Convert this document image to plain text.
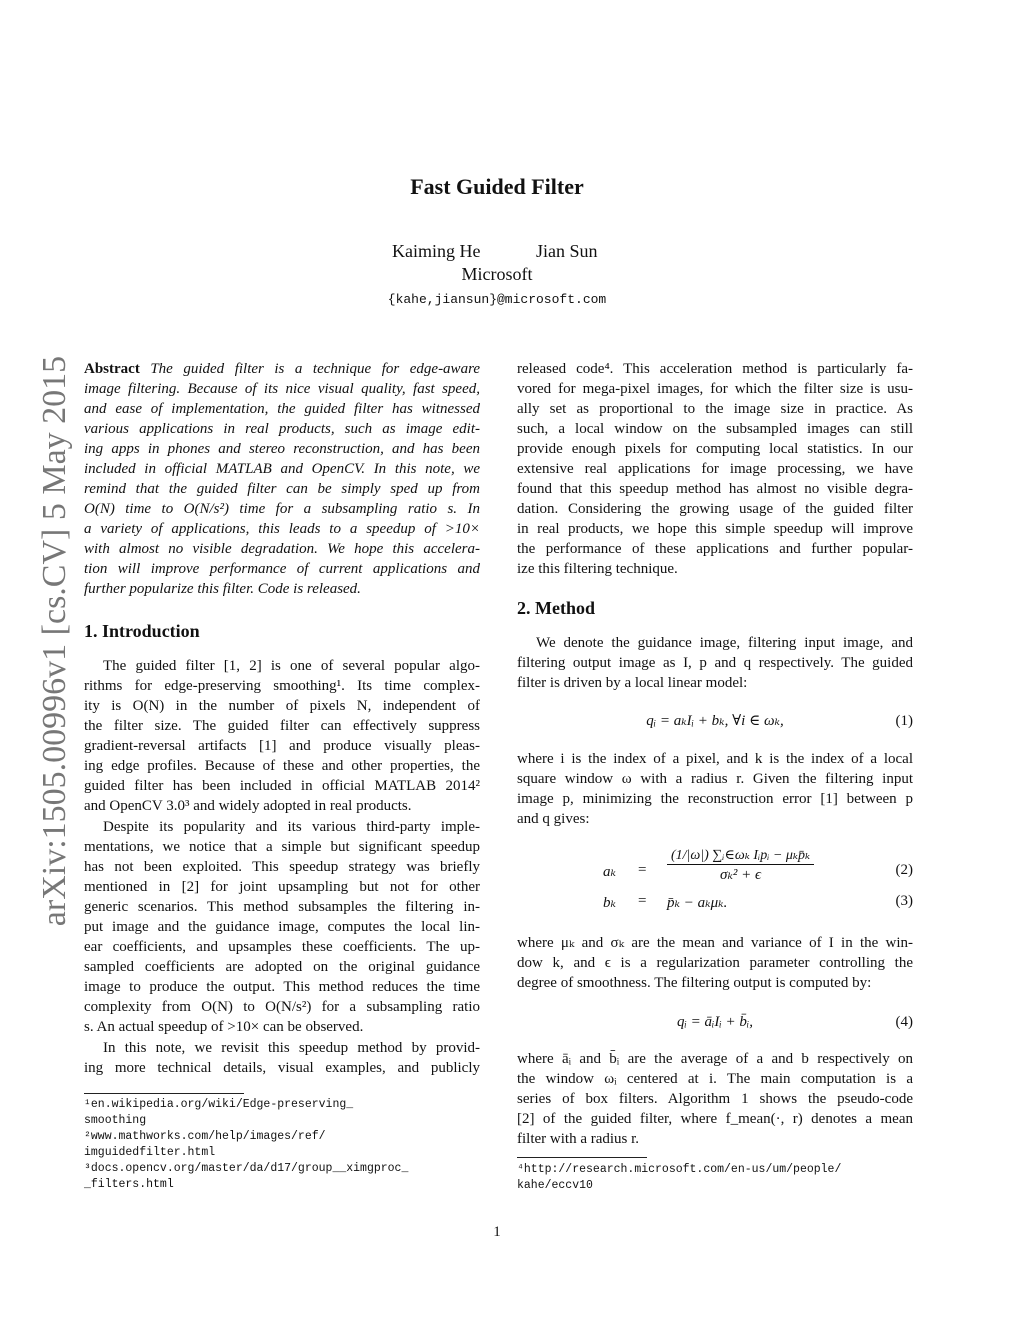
arXiv:1505.00996v1 [cs.CV] 5 May 2015
Fast Guided Filter
Kaiming He	Jian Sun
Microsoft
{kahe,jiansun}@microsoft.com
Abstract The guided filter is a technique for edge-aware
image filtering. Because of its nice visual quality, fast speed,
and ease of implementation, the guided filter has witnessed
various applications in real products, such as image edit-
ing apps in phones and stereo reconstruction, and has been
included in official MATLAB and OpenCV. In this note, we
remind that the guided filter can be simply sped up from
O(N) time to O(N/s²) time for a subsampling ratio s. In
a variety of applications, this leads to a speedup of >10×
with almost no visible degradation. We hope this accelera-
tion will improve performance of current applications and
further popularize this filter. Code is released.
1. Introduction
The guided filter [1, 2] is one of several popular algo-
rithms for edge-preserving smoothing¹. Its time complex-
ity is O(N) in the number of pixels N, independent of
the filter size. The guided filter can effectively suppress
gradient-reversal artifacts [1] and produce visually pleas-
ing edge profiles. Because of these and other properties, the
guided filter has been included in official MATLAB 2014²
and OpenCV 3.0³ and widely adopted in real products.
Despite its popularity and its various third-party imple-
mentations, we notice that a simple but significant speedup
has not been exploited. This speedup strategy was briefly
mentioned in [2] for joint upsampling but not for other
generic scenarios. This method subsamples the filtering in-
put image and the guidance image, computes the local lin-
ear coefficients, and upsamples these coefficients. The up-
sampled coefficients are adopted on the original guidance
image to produce the output. This method reduces the time
complexity from O(N) to O(N/s²) for a subsampling ratio
s. An actual speedup of >10× can be observed.
In this note, we revisit this speedup method by provid-
ing more technical details, visual examples, and publicly
¹en.wikipedia.org/wiki/Edge-preserving_
smoothing
²www.mathworks.com/help/images/ref/
imguidedfilter.html
³docs.opencv.org/master/da/d17/group__ximgproc_
_filters.html
released code⁴. This acceleration method is particularly fa-
vored for mega-pixel images, for which the filter size is usu-
ally set as proportional to the image size in practice. As
such, a local window on the subsampled images can still
provide enough pixels for computing local statistics. In our
extensive real applications for image processing, we have
found that this speedup method has almost no visible degra-
dation. Considering the growing usage of the guided filter
in real products, we hope this simple speedup will improve
the performance of these applications and further popular-
ize this filtering technique.
2. Method
We denote the guidance image, filtering input image, and
filtering output image as I, p and q respectively. The guided
filter is driven by a local linear model:
qᵢ = aₖIᵢ + bₖ, ∀i ∈ ωₖ,	(1)
where i is the index of a pixel, and k is the index of a local
square window ω with a radius r. Given the filtering input
image p, minimizing the reconstruction error [1] between p
and q gives:
aₖ =
(1/|ω|) ∑ᵢ∈ωₖ Iᵢpᵢ − μₖp̄ₖ
σₖ² + ϵ	(2)
bₖ = p̄ₖ − aₖμₖ.	(3)
where μₖ and σₖ are the mean and variance of I in the win-
dow k, and ϵ is a regularization parameter controlling the
degree of smoothness. The filtering output is computed by:
qᵢ = āᵢIᵢ + b̄ᵢ,	(4)
where āᵢ and b̄ᵢ are the average of a and b respectively on
the window ωᵢ centered at i. The main computation is a
series of box filters. Algorithm 1 shows the pseudo-code
[2] of the guided filter, where f_mean(·, r) denotes a mean
filter with a radius r.
⁴http://research.microsoft.com/en-us/um/people/
kahe/eccv10
1
